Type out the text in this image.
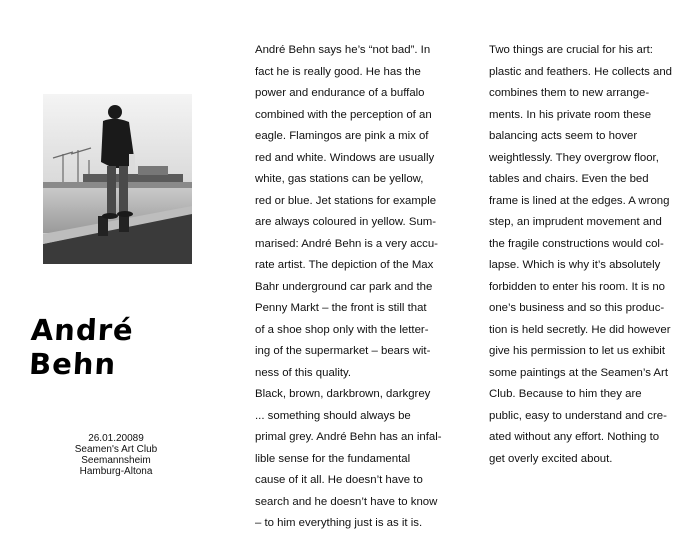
André Behn
26.01.20089
Seamen's Art Club
Seemannsheim
Hamburg-Altona
André Behn says he’s “not bad”. In
fact he is really good. He has the
power and endurance of a buffalo
combined with the perception of an
eagle. Flamingos are pink a mix of
red and white. Windows are usually
white, gas stations can be yellow,
red or blue. Jet stations for example
are always coloured in yellow. Sum-
marised: André Behn is a very accu-
rate artist. The depiction of the Max
Bahr underground car park and the
Penny Markt – the front is still that
of a shoe shop only with the letter-
ing of the supermarket – bears wit-
ness of this quality.
Black, brown, darkbrown, darkgrey
... something should always be
primal grey. André Behn has an infal-
lible sense for the fundamental
cause of it all. He doesn’t have to
search and he doesn’t have to know
– to him everything just is as it is.
Two things are crucial for his art:
plastic and feathers. He collects and
combines them to new arrange-
ments. In his private room these
balancing acts seem to hover
weightlessly. They overgrow floor,
tables and chairs. Even the bed
frame is lined at the edges. A wrong
step, an imprudent movement and
the fragile constructions would col-
lapse. Which is why it’s absolutely
forbidden to enter his room. It is no
one’s business and so this produc-
tion is held secretly. He did however
give his permission to let us exhibit
some paintings at the Seamen’s Art
Club. Because to him they are
public, easy to understand and cre-
ated without any effort. Nothing to
get overly excited about.
